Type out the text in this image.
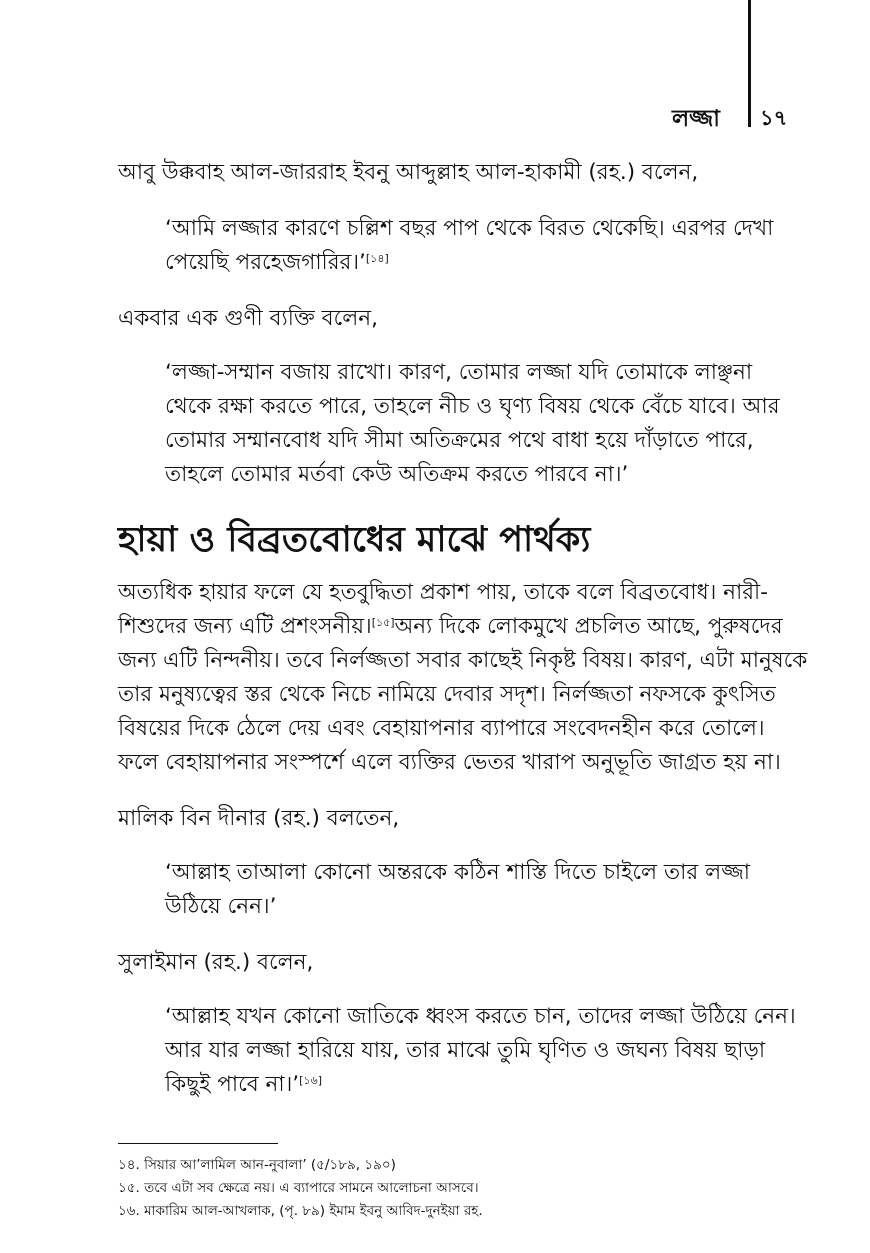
লজ্জা ১৭
আবু উক্কবাহ আল-জাররাহ ইবনু আব্দুল্লাহ আল-হাকামী (রহ.) বলেন,
‘আমি লজ্জার কারণে চল্লিশ বছর পাপ থেকে বিরত থেকেছি। এরপর দেখা
পেয়েছি পরহেজগারির।’[১৪]
একবার এক গুণী ব্যক্তি বলেন,
‘লজ্জা-সম্মান বজায় রাখো। কারণ, তোমার লজ্জা যদি তোমাকে লাঞ্ছনা
থেকে রক্ষা করতে পারে, তাহলে নীচ ও ঘৃণ্য বিষয় থেকে বেঁচে যাবে। আর
তোমার সম্মানবোধ যদি সীমা অতিক্রমের পথে বাধা হয়ে দাঁড়াতে পারে,
তাহলে তোমার মর্তবা কেউ অতিক্রম করতে পারবে না।’
হায়া ও বিব্রতবোধের মাঝে পার্থক্য
অত্যধিক হায়ার ফলে যে হতবুদ্ধিতা প্রকাশ পায়, তাকে বলে বিব্রতবোধ। নারী-
শিশুদের জন্য এটি প্রশংসনীয়।[১৫] অন্য দিকে লোকমুখে প্রচলিত আছে, পুরুষদের
জন্য এটি নিন্দনীয়। তবে নির্লজ্জতা সবার কাছেই নিকৃষ্ট বিষয়। কারণ, এটা মানুষকে
তার মনুষ্যত্বের স্তর থেকে নিচে নামিয়ে দেবার সদৃশ। নির্লজ্জতা নফসকে কুৎসিত
বিষয়ের দিকে ঠেলে দেয় এবং বেহায়াপনার ব্যাপারে সংবেদনহীন করে তোলে।
ফলে বেহায়াপনার সংস্পর্শে এলে ব্যক্তির ভেতর খারাপ অনুভূতি জাগ্রত হয় না।
মালিক বিন দীনার (রহ.) বলতেন,
‘আল্লাহ তাআলা কোনো অন্তরকে কঠিন শাস্তি দিতে চাইলে তার লজ্জা
উঠিয়ে নেন।’
সুলাইমান (রহ.) বলেন,
‘আল্লাহ যখন কোনো জাতিকে ধ্বংস করতে চান, তাদের লজ্জা উঠিয়ে নেন।
আর যার লজ্জা হারিয়ে যায়, তার মাঝে তুমি ঘৃণিত ও জঘন্য বিষয় ছাড়া
কিছুই পাবে না।’[১৬]
১৪. সিয়ার আ’লামিল আন-নুবালা’ (৫/১৮৯, ১৯০)
১৫. তবে এটা সব ক্ষেত্রে নয়। এ ব্যাপারে সামনে আলোচনা আসবে।
১৬. মাকারিম আল-আখলাক, (পৃ. ৮৯) ইমাম ইবনু আবিদ-দুনইয়া রহ.
